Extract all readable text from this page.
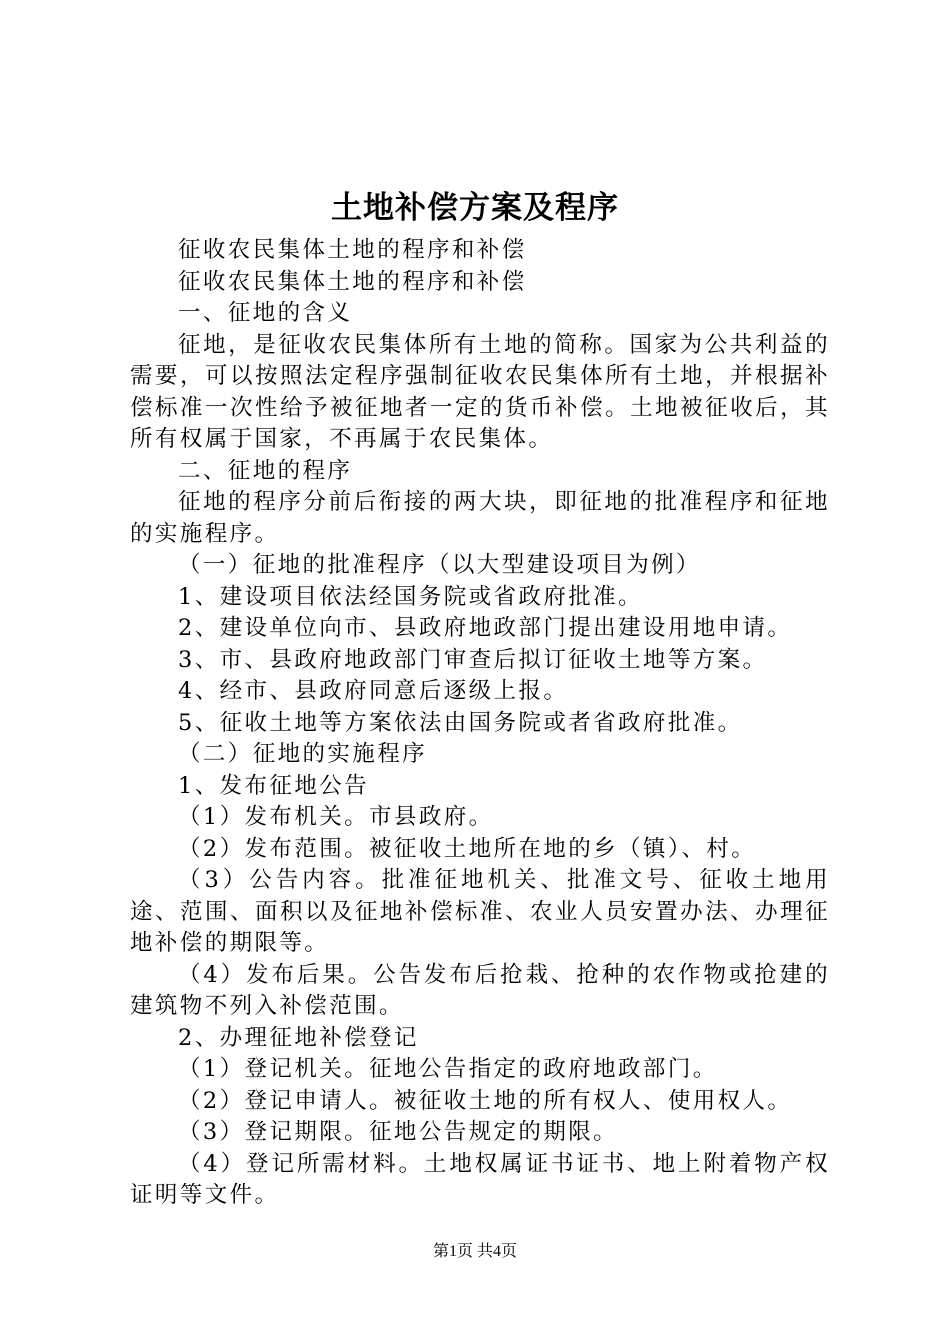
土地补偿方案及程序

征收农民集体土地的程序和补偿

征收农民集体土地的程序和补偿

一、征地的含义

征地，是征收农民集体所有土地的简称。国家为公共利益的需要，可以按照法定程序强制征收农民集体所有土地，并根据补偿标准一次性给予被征地者一定的货币补偿。土地被征收后，其所有权属于国家，不再属于农民集体。

二、征地的程序

征地的程序分前后衔接的两大块，即征地的批准程序和征地的实施程序。

（一）征地的批准程序（以大型建设项目为例）

1、建设项目依法经国务院或省政府批准。

2、建设单位向市、县政府地政部门提出建设用地申请。

3、市、县政府地政部门审查后拟订征收土地等方案。

4、经市、县政府同意后逐级上报。

5、征收土地等方案依法由国务院或者省政府批准。

（二）征地的实施程序

1、发布征地公告

（1）发布机关。市县政府。

（2）发布范围。被征收土地所在地的乡（镇）、村。

（3）公告内容。批准征地机关、批准文号、征收土地用途、范围、面积以及征地补偿标准、农业人员安置办法、办理征地补偿的期限等。

（4）发布后果。公告发布后抢栽、抢种的农作物或抢建的建筑物不列入补偿范围。

2、办理征地补偿登记

（1）登记机关。征地公告指定的政府地政部门。

（2）登记申请人。被征收土地的所有权人、使用权人。

（3）登记期限。征地公告规定的期限。

（4）登记所需材料。土地权属证书证书、地上附着物产权证明等文件。

第1页 共4页
